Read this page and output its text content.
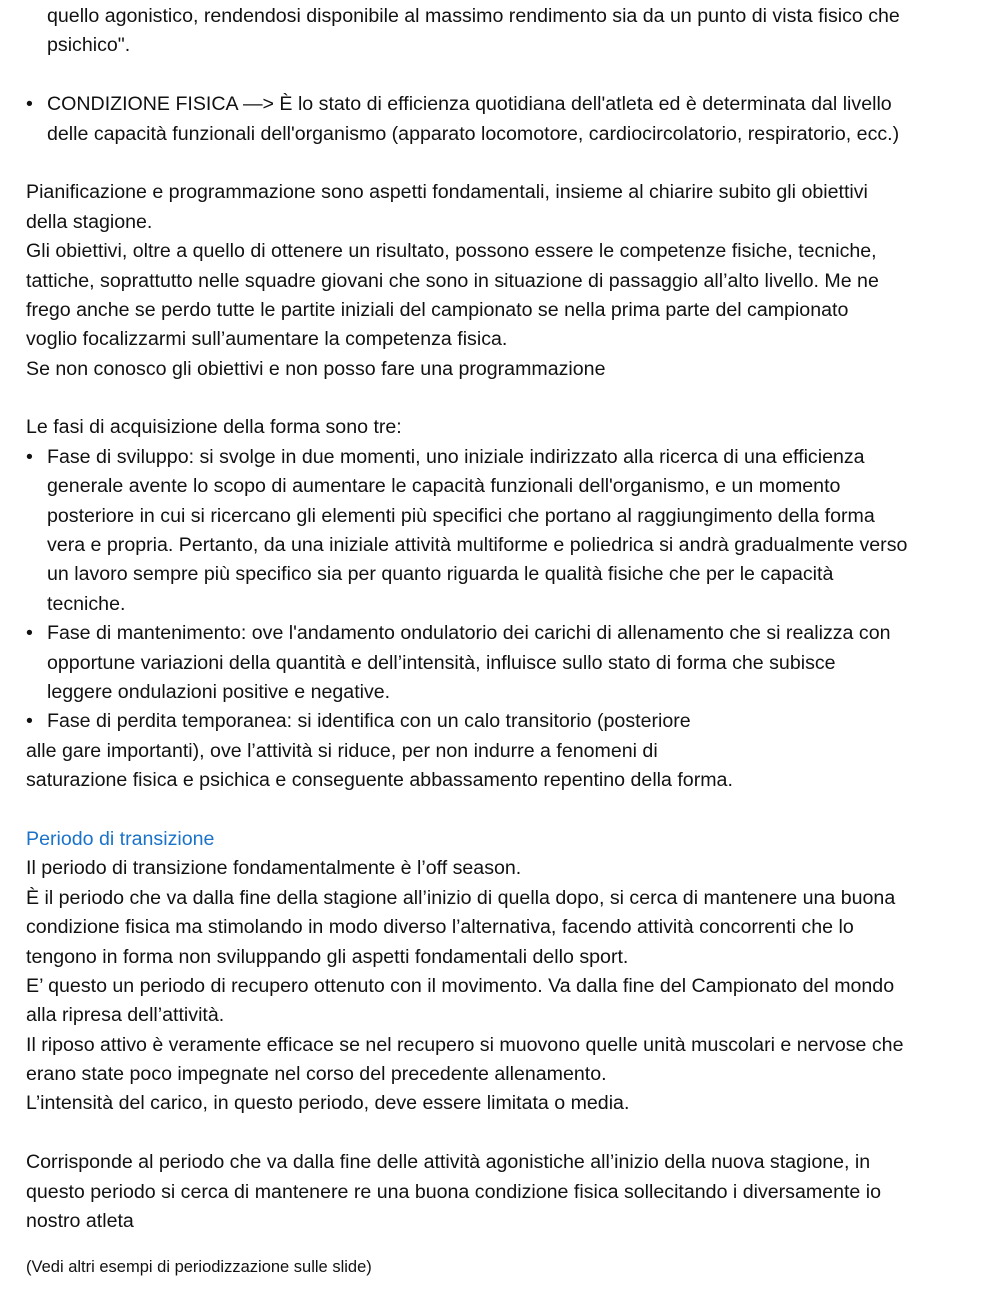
quello agonistico, rendendosi disponibile al massimo rendimento sia da un punto di vista fisico che
psichico".
• CONDIZIONE FISICA —> È lo stato di efficienza quotidiana dell'atleta ed è determinata dal livello
delle capacità funzionali dell'organismo (apparato locomotore, cardiocircolatorio, respiratorio, ecc.)
Pianificazione e programmazione sono aspetti fondamentali, insieme al chiarire subito gli obiettivi
della stagione.
Gli obiettivi, oltre a quello di ottenere un risultato, possono essere le competenze fisiche, tecniche,
tattiche, soprattutto nelle squadre giovani che sono in situazione di passaggio all’alto livello. Me ne
frego anche se perdo tutte le partite iniziali del campionato se nella prima parte del campionato
voglio focalizzarmi sull’aumentare la competenza fisica.
Se non conosco gli obiettivi e non posso fare una programmazione
Le fasi di acquisizione della forma sono tre:
• Fase di sviluppo: si svolge in due momenti, uno iniziale indirizzato alla ricerca di una efficienza
generale avente lo scopo di aumentare le capacità funzionali dell'organismo, e un momento
posteriore in cui si ricercano gli elementi più specifici che portano al raggiungimento della forma
vera e propria. Pertanto, da una iniziale attività multiforme e poliedrica si andrà gradualmente verso
un lavoro sempre più specifico sia per quanto riguarda le qualità fisiche che per le capacità
tecniche.
• Fase di mantenimento: ove l'andamento ondulatorio dei carichi di allenamento che si realizza con
opportune variazioni della quantità e dell’intensità, influisce sullo stato di forma che subisce
leggere ondulazioni positive e negative.
• Fase di perdita temporanea: si identifica con un calo transitorio (posteriore
alle gare importanti), ove l’attività si riduce, per non indurre a fenomeni di
saturazione fisica e psichica e conseguente abbassamento repentino della forma.
Periodo di transizione
Il periodo di transizione fondamentalmente è l’off season.
È il periodo che va dalla fine della stagione all’inizio di quella dopo, si cerca di mantenere una buona
condizione fisica ma stimolando in modo diverso l’alternativa, facendo attività concorrenti che lo
tengono in forma non sviluppando gli aspetti fondamentali dello sport.
E’ questo un periodo di recupero ottenuto con il movimento. Va dalla fine del Campionato del mondo
alla ripresa dell’attività.
Il riposo attivo è veramente efficace se nel recupero si muovono quelle unità muscolari e nervose che
erano state poco impegnate nel corso del precedente allenamento.
L’intensità del carico, in questo periodo, deve essere limitata o media.
Corrisponde al periodo che va dalla fine delle attività agonistiche all’inizio della nuova stagione, in
questo periodo si cerca di mantenere re una buona condizione fisica sollecitando i diversamente io
nostro atleta
(Vedi altri esempi di periodizzazione sulle slide)
